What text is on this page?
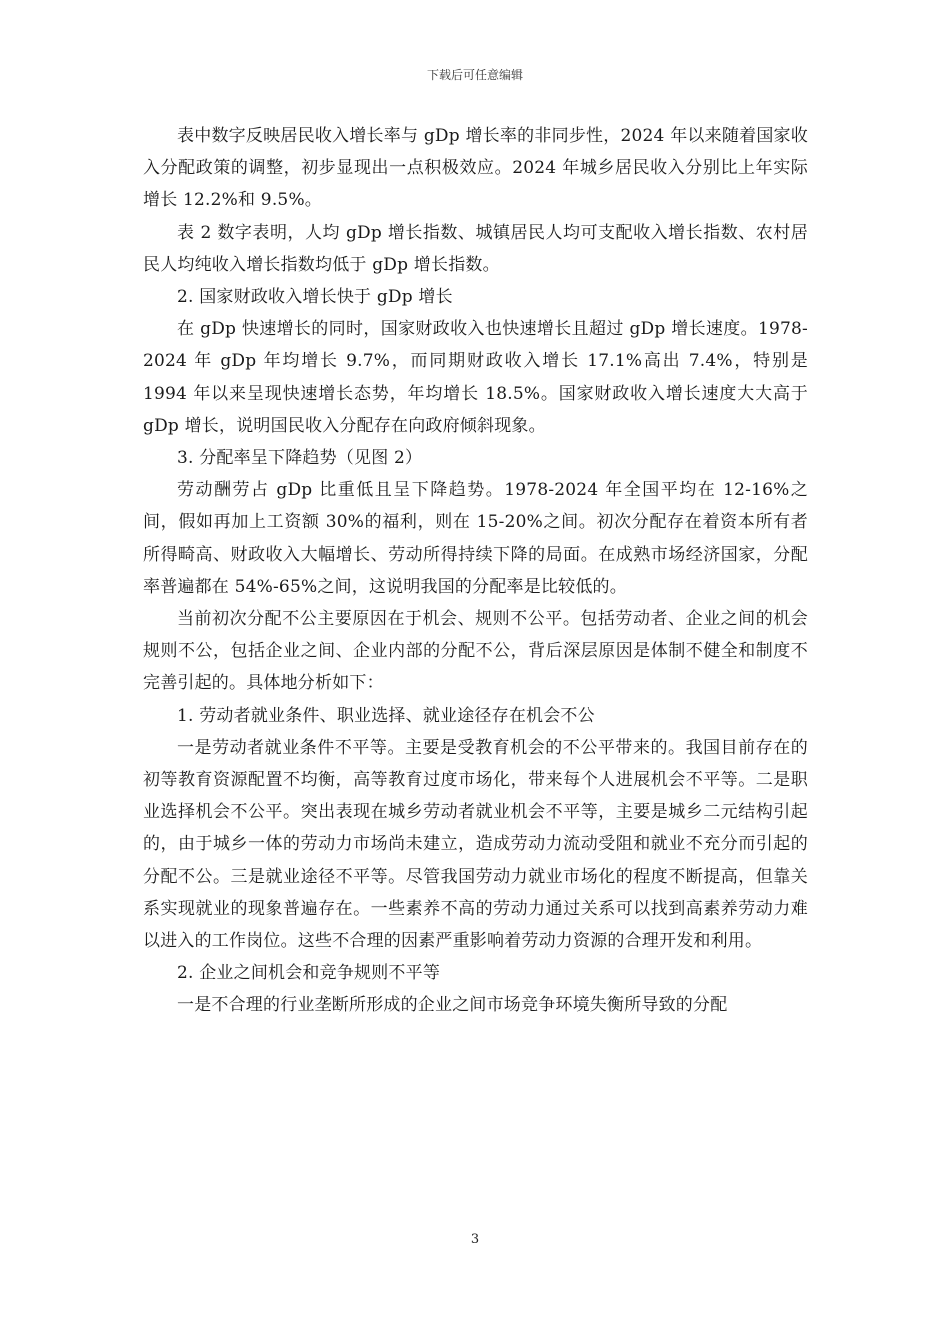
下载后可任意编辑

表中数字反映居民收入增长率与 gDp 增长率的非同步性，2024 年以来随着国家收入分配政策的调整，初步显现出一点积极效应。2024 年城乡居民收入分别比上年实际增长 12.2%和 9.5%。

表 2 数字表明，人均 gDp 增长指数、城镇居民人均可支配收入增长指数、农村居民人均纯收入增长指数均低于 gDp 增长指数。

2. 国家财政收入增长快于 gDp 增长

在 gDp 快速增长的同时，国家财政收入也快速增长且超过 gDp 增长速度。1978-2024 年 gDp 年均增长 9.7%，而同期财政收入增长 17.1%高出 7.4%，特别是 1994 年以来呈现快速增长态势，年均增长 18.5%。国家财政收入增长速度大大高于 gDp 增长，说明国民收入分配存在向政府倾斜现象。

3. 分配率呈下降趋势（见图 2）

劳动酬劳占 gDp 比重低且呈下降趋势。1978-2024 年全国平均在 12-16%之间，假如再加上工资额 30%的福利，则在 15-20%之间。初次分配存在着资本所有者所得畸高、财政收入大幅增长、劳动所得持续下降的局面。在成熟市场经济国家，分配率普遍都在 54%-65%之间，这说明我国的分配率是比较低的。

当前初次分配不公主要原因在于机会、规则不公平。包括劳动者、企业之间的机会规则不公，包括企业之间、企业内部的分配不公，背后深层原因是体制不健全和制度不完善引起的。具体地分析如下：

1. 劳动者就业条件、职业选择、就业途径存在机会不公

一是劳动者就业条件不平等。主要是受教育机会的不公平带来的。我国目前存在的初等教育资源配置不均衡，高等教育过度市场化，带来每个人进展机会不平等。二是职业选择机会不公平。突出表现在城乡劳动者就业机会不平等，主要是城乡二元结构引起的，由于城乡一体的劳动力市场尚未建立，造成劳动力流动受阻和就业不充分而引起的分配不公。三是就业途径不平等。尽管我国劳动力就业市场化的程度不断提高，但靠关系实现就业的现象普遍存在。一些素养不高的劳动力通过关系可以找到高素养劳动力难以进入的工作岗位。这些不合理的因素严重影响着劳动力资源的合理开发和利用。

2. 企业之间机会和竞争规则不平等

一是不合理的行业垄断所形成的企业之间市场竞争环境失衡所导致的分配

3
